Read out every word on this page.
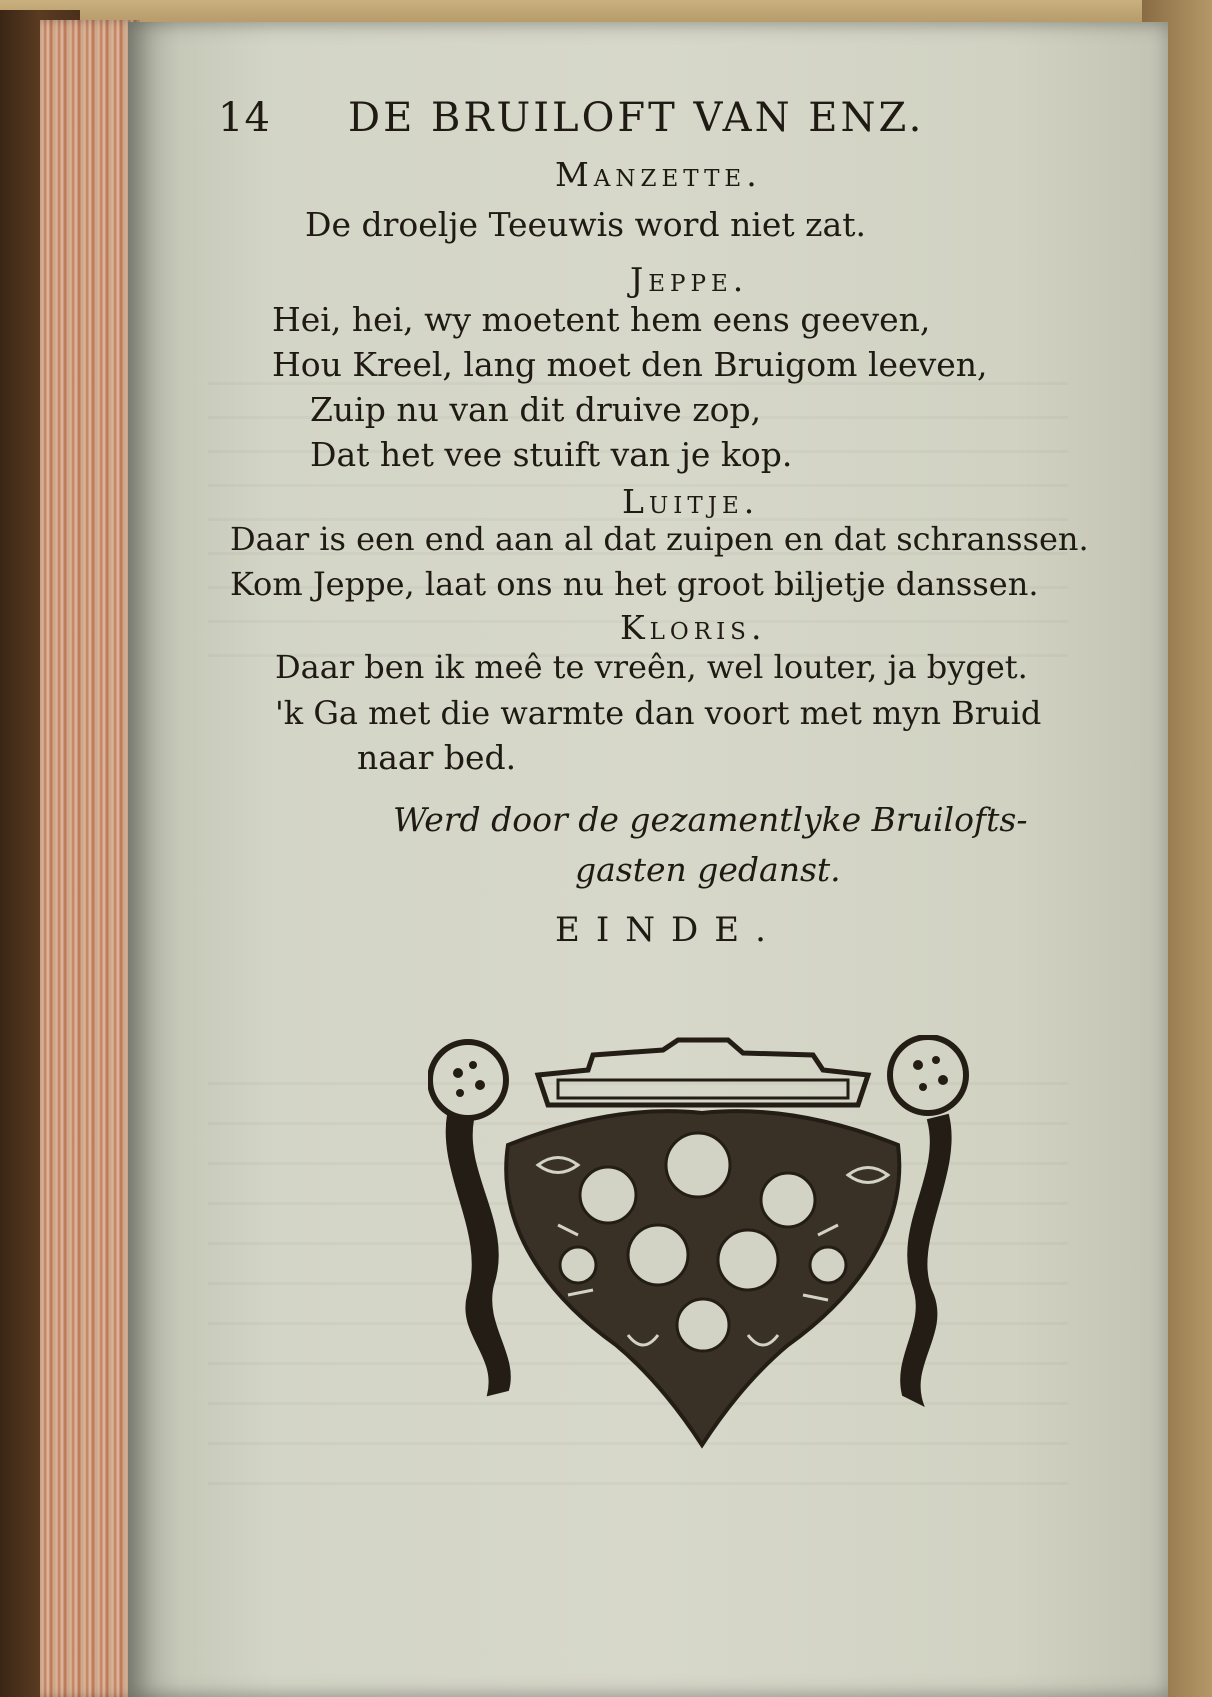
14 DE BRUILOFT VAN ENZ.
Manzette.
De droelje Teeuwis word niet zat.
Jeppe.
Hei, hei, wy moetent hem eens geeven,
Hou Kreel, lang moet den Bruigom leeven,
Zuip nu van dit druive zop,
Dat het vee stuift van je kop.
Luitje.
Daar is een end aan al dat zuipen en dat schranssen.
Kom Jeppe, laat ons nu het groot biljetje danssen.
Kloris.
Daar ben ik meê te vreên, wel louter, ja byget.
'k Ga met die warmte dan voort met myn Bruid
naar bed.
Werd door de gezamentlyke Bruilofts-
gasten gedanst.
EINDE.
